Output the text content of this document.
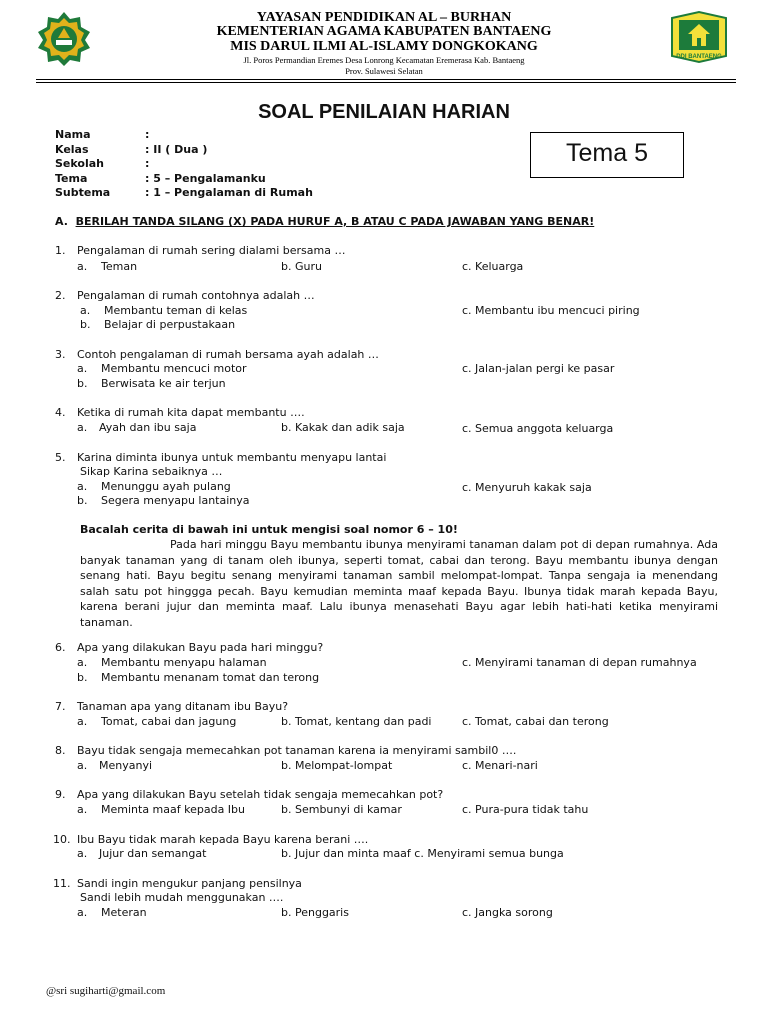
DDI BANTAENG
YAYASAN PENDIDIKAN AL – BURHAN
KEMENTERIAN AGAMA KABUPATEN BANTAENG
MIS DARUL ILMI AL-ISLAMY DONGKOKANG
Jl. Poros Permandian Eremes Desa Lonrong Kecamatan Eremerasa Kab. Bantaeng
Prov. Sulawesi Selatan
SOAL PENILAIAN HARIAN
Tema 5
Nama	:
Kelas	: II ( Dua )
Sekolah	:
Tema	: 5 – Pengalamanku
Subtema	: 1 – Pengalaman di Rumah
A. BERILAH TANDA SILANG (X) PADA HURUF A, B ATAU C PADA JAWABAN YANG BENAR!
1. Pengalaman di rumah sering dialami bersama …
a. Teman	b. Guru	c. Keluarga
2. Pengalaman di rumah contohnya adalah …
a. Membantu teman di kelas
b. Belajar di perpustakaan
c. Membantu ibu mencuci piring
3. Contoh pengalaman di rumah bersama ayah adalah …
a. Membantu mencuci motor
b. Berwisata ke air terjun
c. Jalan-jalan pergi ke pasar
4. Ketika di rumah kita dapat membantu ….
a. Ayah dan ibu saja	b. Kakak dan adik saja	c. Semua anggota keluarga
5. Karina diminta ibunya untuk membantu menyapu lantai
Sikap Karina sebaiknya …
a. Menunggu ayah pulang
b. Segera menyapu lantainya
c. Menyuruh kakak saja
Bacalah cerita di bawah ini untuk mengisi soal nomor 6 – 10!

Pada hari minggu Bayu membantu ibunya menyirami tanaman dalam pot di depan rumahnya. Ada banyak tanaman yang di tanam oleh ibunya, seperti tomat, cabai dan terong. Bayu membantu ibunya dengan senang hati. Bayu begitu senang menyirami tanaman sambil melompat-lompat. Tanpa sengaja ia menendang salah satu pot hinggga pecah. Bayu kemudian meminta maaf kepada Bayu. Ibunya tidak marah kepada Bayu, karena berani jujur dan meminta maaf. Lalu ibunya menasehati Bayu agar lebih hati-hati ketika menyirami tanaman.

6. Apa yang dilakukan Bayu pada hari minggu?
a. Membantu menyapu halaman
b. Membantu menanam tomat dan terong
c. Menyirami tanaman di depan rumahnya
7. Tanaman apa yang ditanam ibu Bayu?
a. Tomat, cabai dan jagung	b. Tomat, kentang dan padi	c. Tomat, cabai dan terong
8. Bayu tidak sengaja memecahkan pot tanaman karena ia menyirami sambil0 ….
a. Menyanyi	b. Melompat-lompat	c. Menari-nari
9. Apa yang dilakukan Bayu setelah tidak sengaja memecahkan pot?
a. Meminta maaf kepada Ibu	b. Sembunyi di kamar	c. Pura-pura tidak tahu
10. Ibu Bayu tidak marah kepada Bayu karena berani ….
a. Jujur dan semangat	b. Jujur dan minta maaf c. Menyirami semua bunga
11. Sandi ingin mengukur panjang pensilnya
Sandi lebih mudah menggunakan ….
a. Meteran	b. Penggaris	c. Jangka sorong
@sri sugiharti@gmail.com
